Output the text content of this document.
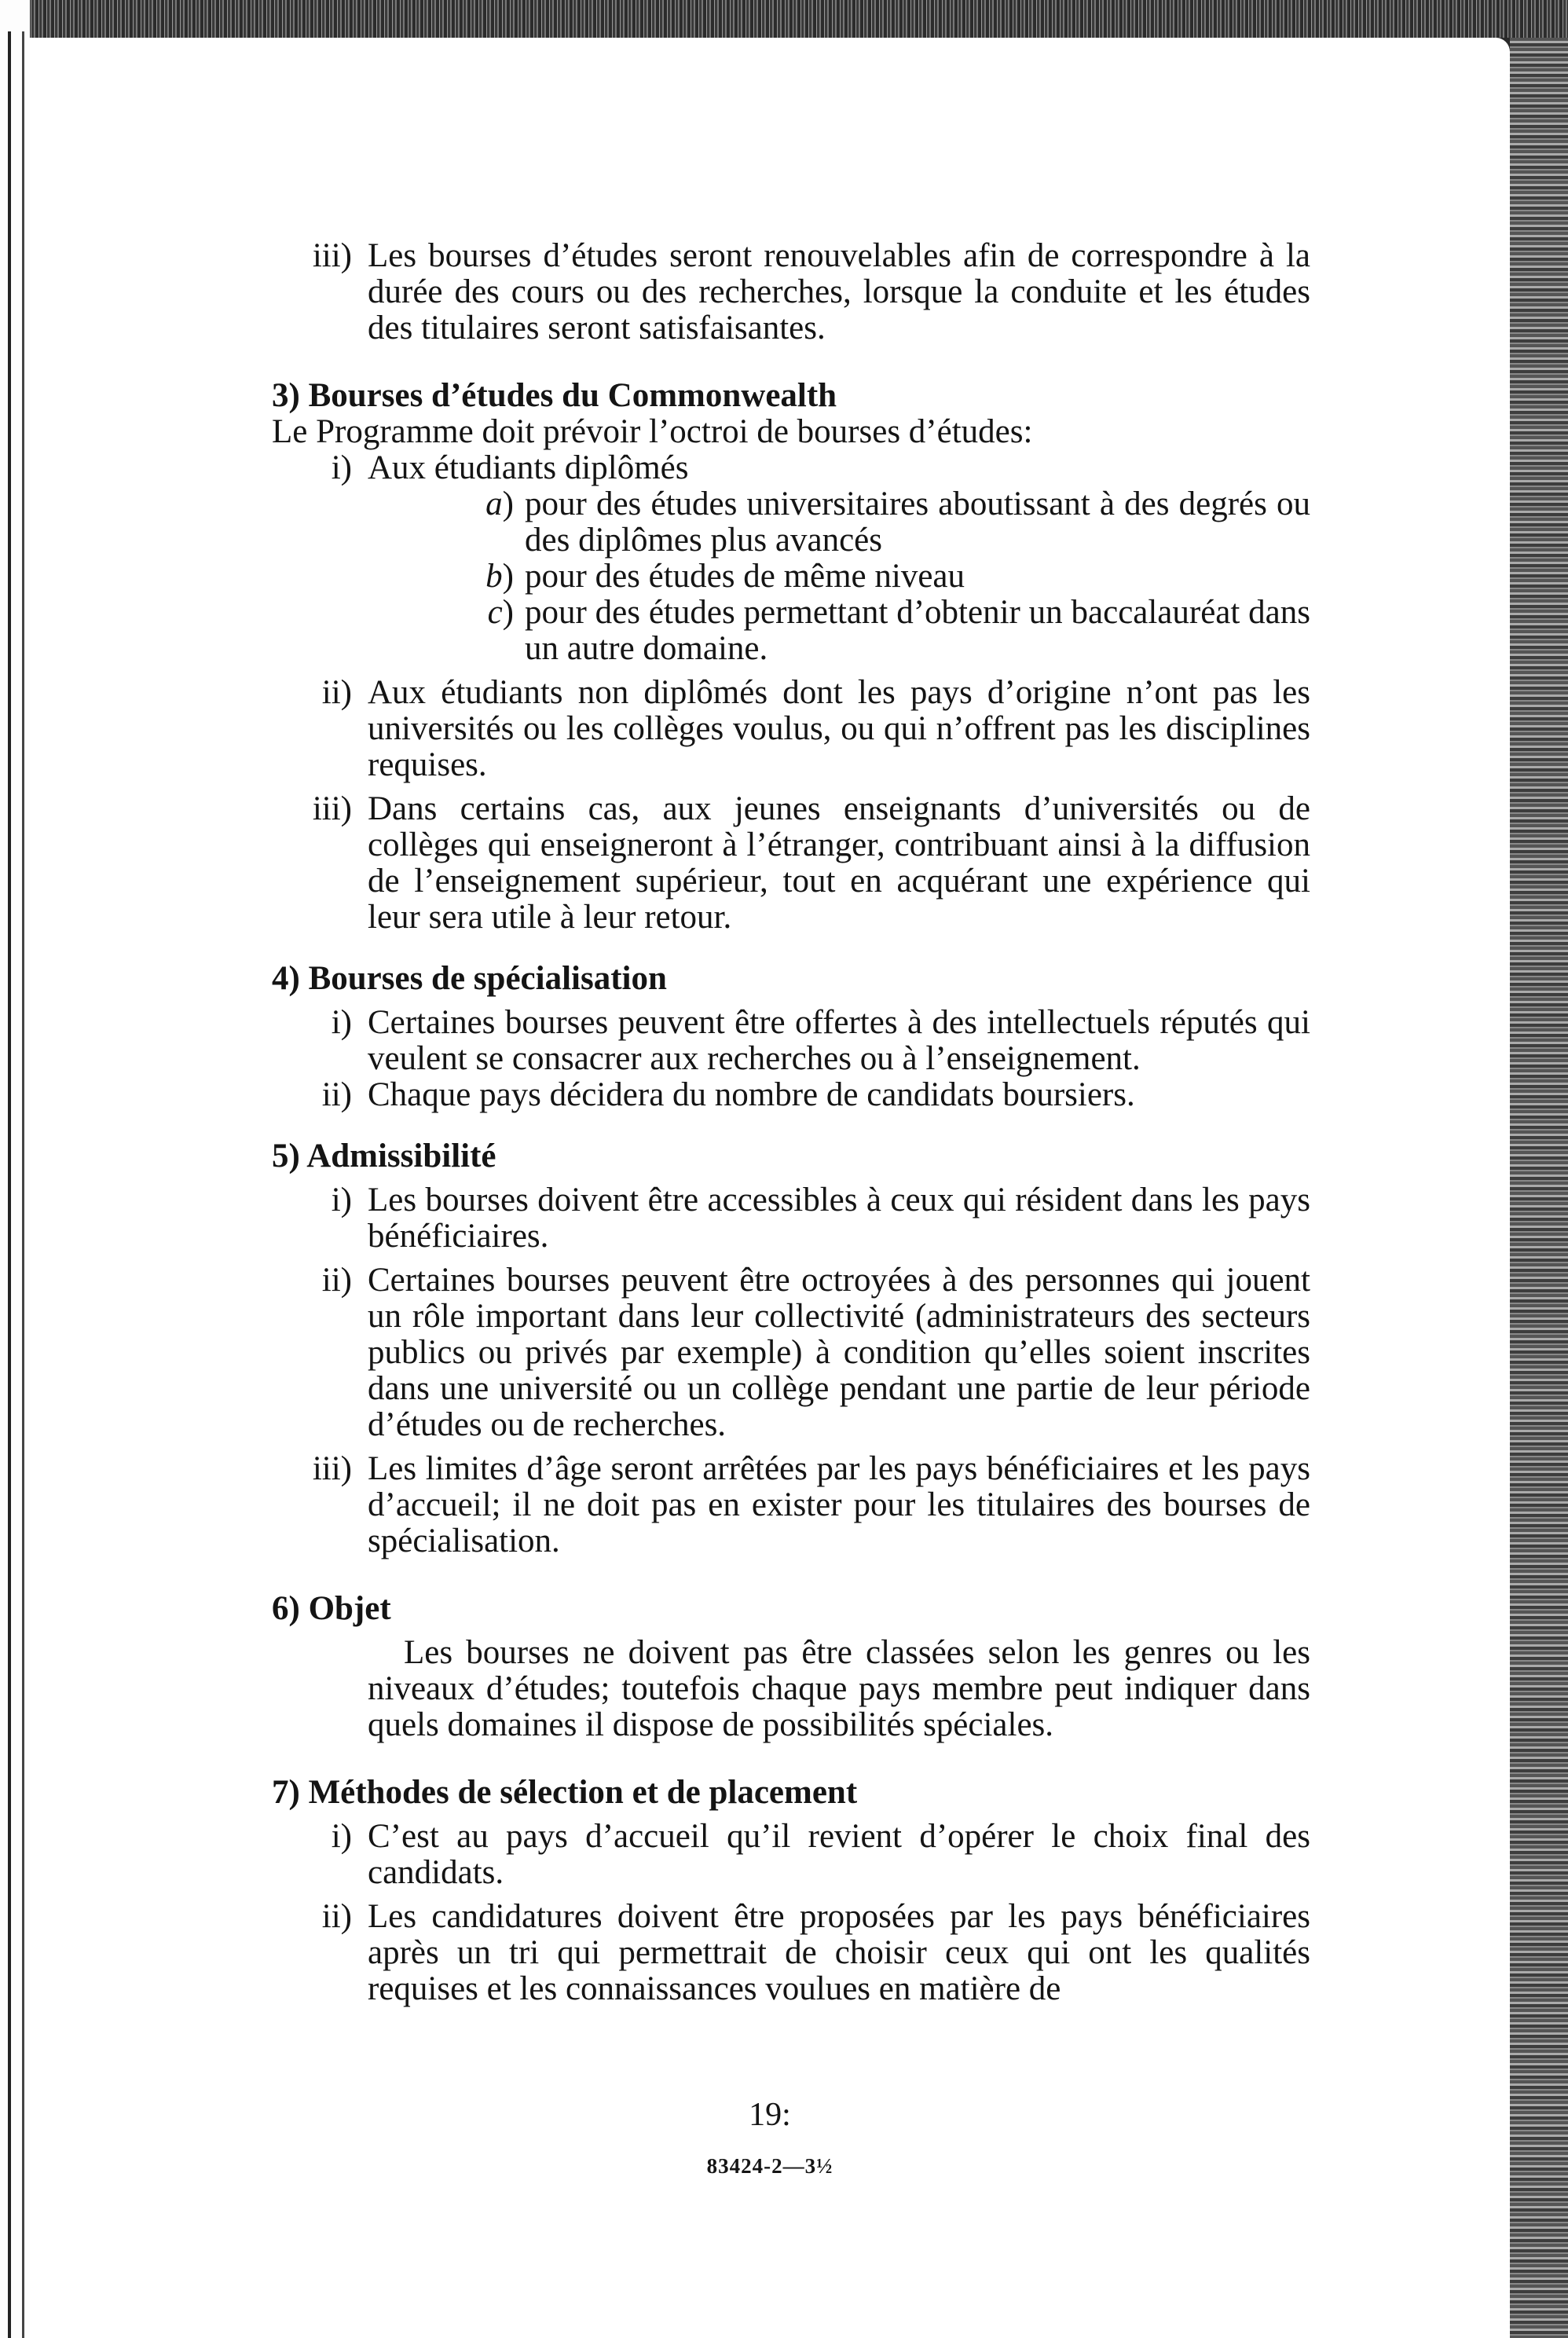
iii) Les bourses d’études seront renouvelables afin de correspondre à la durée des cours ou des recherches, lorsque la conduite et les études des titulaires seront satisfaisantes.
3) Bourses d’études du Commonwealth
Le Programme doit prévoir l’octroi de bourses d’études:
i) Aux étudiants diplômés
a) pour des études universitaires aboutissant à des degrés ou des diplômes plus avancés
b) pour des études de même niveau
c) pour des études permettant d’obtenir un baccalauréat dans un autre domaine.
ii) Aux étudiants non diplômés dont les pays d’origine n’ont pas les universités ou les collèges voulus, ou qui n’offrent pas les disciplines requises.
iii) Dans certains cas, aux jeunes enseignants d’universités ou de collèges qui enseigneront à l’étranger, contribuant ainsi à la diffusion de l’enseignement supérieur, tout en acquérant une expérience qui leur sera utile à leur retour.
4) Bourses de spécialisation
i) Certaines bourses peuvent être offertes à des intellectuels réputés qui veulent se consacrer aux recherches ou à l’enseignement.
ii) Chaque pays décidera du nombre de candidats boursiers.
5) Admissibilité
i) Les bourses doivent être accessibles à ceux qui résident dans les pays bénéficiaires.
ii) Certaines bourses peuvent être octroyées à des personnes qui jouent un rôle important dans leur collectivité (administrateurs des secteurs publics ou privés par exemple) à condition qu’elles soient inscrites dans une université ou un collège pendant une partie de leur période d’études ou de recherches.
iii) Les limites d’âge seront arrêtées par les pays bénéficiaires et les pays d’accueil; il ne doit pas en exister pour les titulaires des bourses de spécialisation.
6) Objet
Les bourses ne doivent pas être classées selon les genres ou les niveaux d’études; toutefois chaque pays membre peut indiquer dans quels domaines il dispose de possibilités spéciales.
7) Méthodes de sélection et de placement
i) C’est au pays d’accueil qu’il revient d’opérer le choix final des candidats.
ii) Les candidatures doivent être proposées par les pays bénéficiaires après un tri qui permettrait de choisir ceux qui ont les qualités requises et les connaissances voulues en matière de
19:
83424-2—3½
